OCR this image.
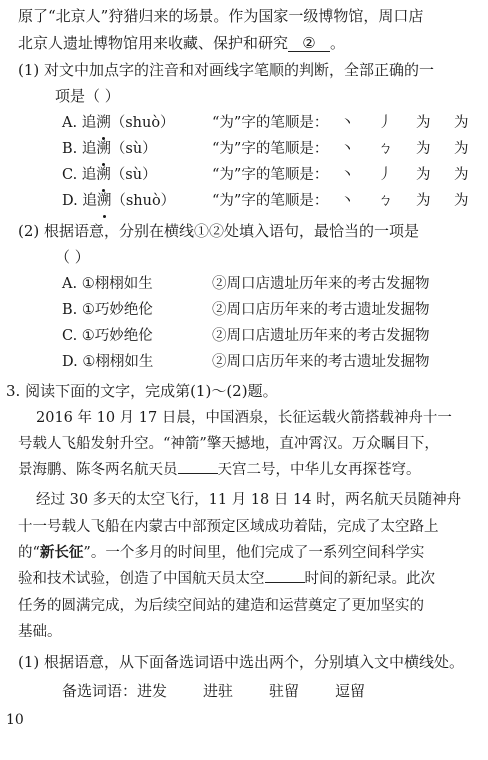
原了“北京人”狩猎归来的场景。作为国家一级博物馆，周口店
北京人遗址博物馆用来收藏、保护和研究 ② 。
(1) 对文中加点字的注音和对画线字笔顺的判断，全部正确的一
项是（ ）
A. 追溯
（shuò）	“为”字的笔顺是： 丶 丿 为 为
B. 追溯
（sù）	“为”字的笔顺是： 丶 ㄅ 为 为
C. 追溯
（sù）	“为”字的笔顺是： 丶 丿 为 为
D. 追溯
（shuò）	“为”字的笔顺是： 丶 ㄅ 为 为
(2) 根据语意，分别在横线①②处填入语句，最恰当的一项是
（ ）
A. ①栩栩如生	②周口店遗址历年来的考古发掘物
B. ①巧妙绝伦	②周口店历年来的考古遗址发掘物
C. ①巧妙绝伦	②周口店遗址历年来的考古发掘物
D. ①栩栩如生	②周口店历年来的考古遗址发掘物
3. 阅读下面的文字，完成第(1)～(2)题。
2016 年 10 月 17 日晨，中国酒泉，长征运载火箭搭载神舟十一
号载人飞船发射升空。“神箭”擎天撼地，直冲霄汉。万众瞩目下，
景海鹏、陈冬两名航天员	天宫二号，中华儿女再探苍穹。
经过 30 多天的太空飞行，11 月 18 日 14 时，两名航天员随神舟
十一号载人飞船在内蒙古中部预定区域成功着陆，完成了太空路上
的“新长征”。一个多月的时间里，他们完成了一系列空间科学实
验和技术试验，创造了中国航天员太空	时间的新纪录。此次
任务的圆满完成，为后续空间站的建造和运营奠定了更加坚实的
基础。
(1) 根据语意，从下面备选词语中选出两个，分别填入文中横线处。
备选词语：进发 进驻 驻留 逗留
10
